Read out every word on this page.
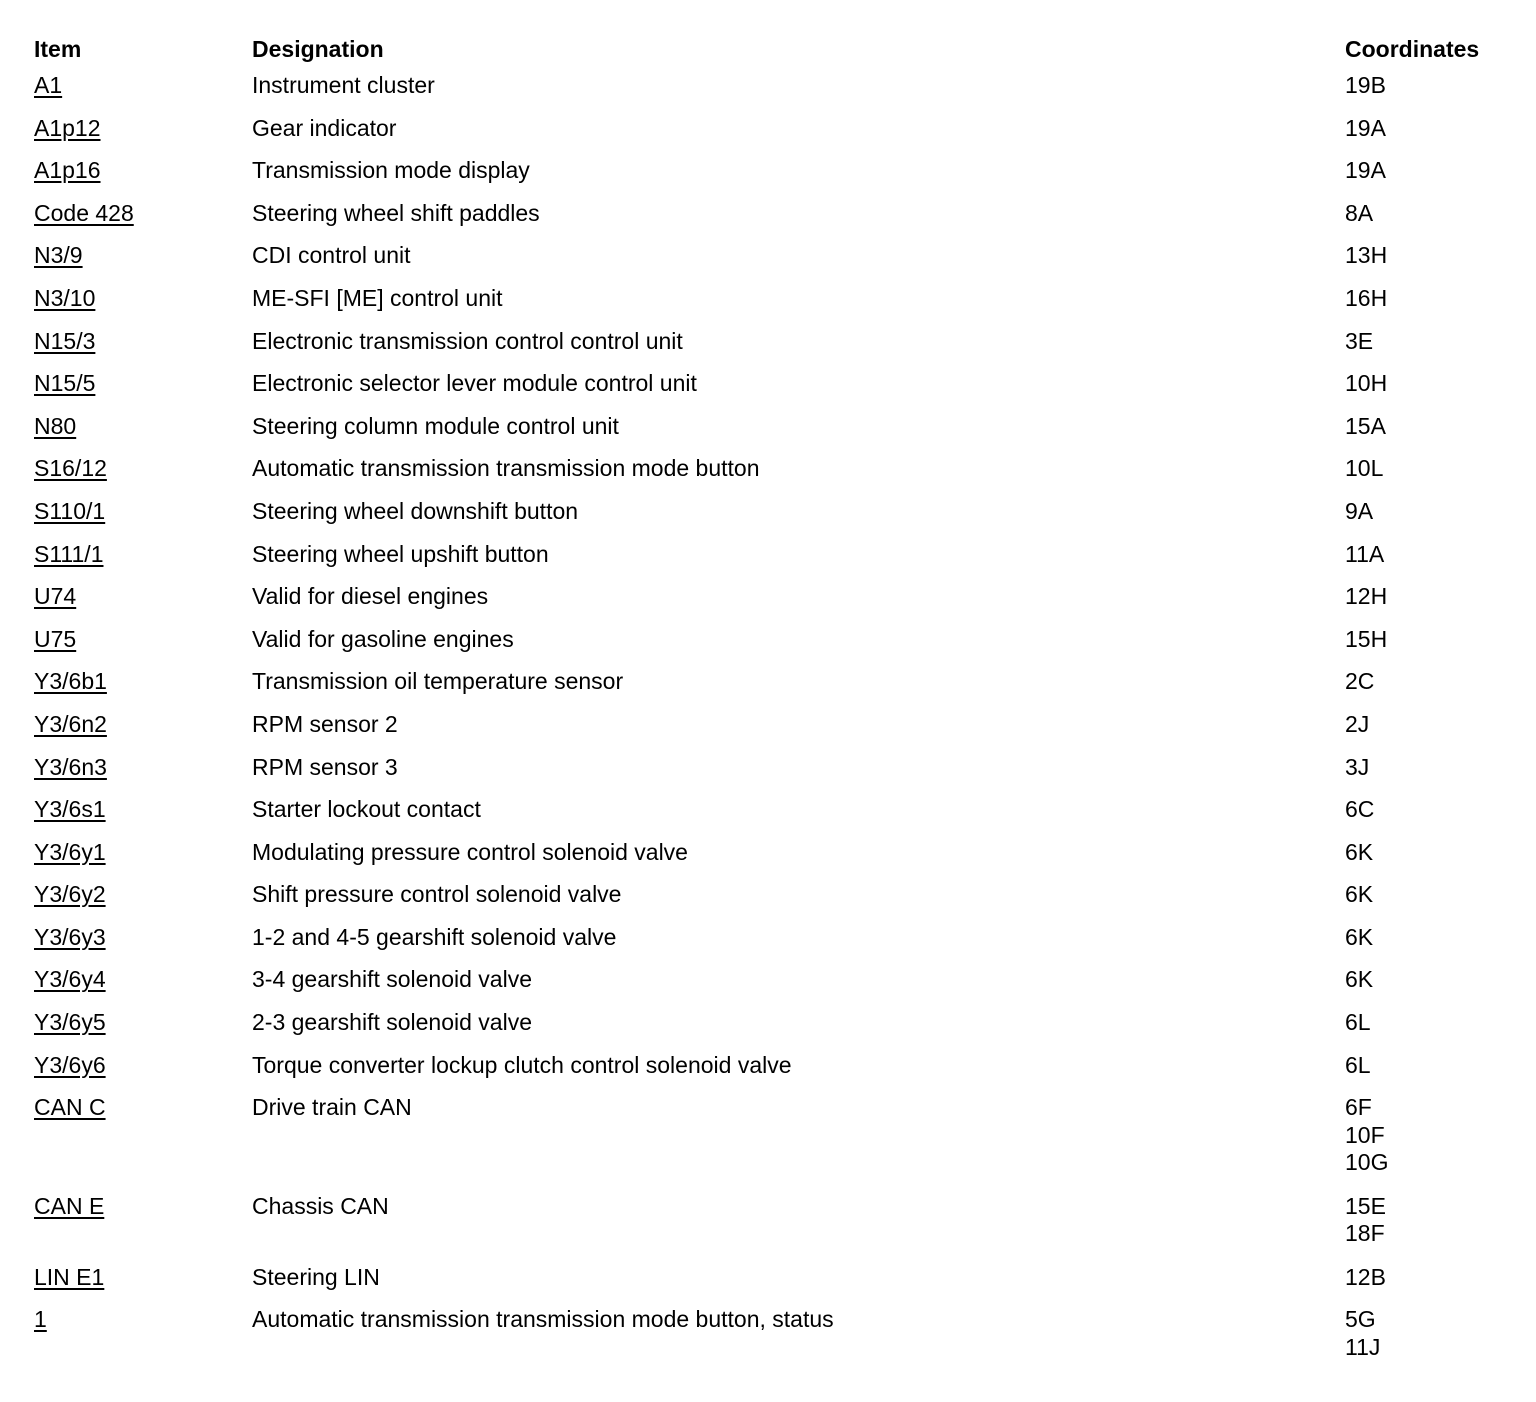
Item	Designation	Coordinates
A1	Instrument cluster	19B
A1p12	Gear indicator	19A
A1p16	Transmission mode display	19A
Code 428	Steering wheel shift paddles	8A
N3/9	CDI control unit	13H
N3/10	ME-SFI [ME] control unit	16H
N15/3	Electronic transmission control control unit	3E
N15/5	Electronic selector lever module control unit	10H
N80	Steering column module control unit	15A
S16/12	Automatic transmission transmission mode button	10L
S110/1	Steering wheel downshift button	9A
S111/1	Steering wheel upshift button	11A
U74	Valid for diesel engines	12H
U75	Valid for gasoline engines	15H
Y3/6b1	Transmission oil temperature sensor	2C
Y3/6n2	RPM sensor 2	2J
Y3/6n3	RPM sensor 3	3J
Y3/6s1	Starter lockout contact	6C
Y3/6y1	Modulating pressure control solenoid valve	6K
Y3/6y2	Shift pressure control solenoid valve	6K
Y3/6y3	1-2 and 4-5 gearshift solenoid valve	6K
Y3/6y4	3-4 gearshift solenoid valve	6K
Y3/6y5	2-3 gearshift solenoid valve	6L
Y3/6y6	Torque converter lockup clutch control solenoid valve	6L
CAN C	Drive train CAN	6F
10F
10G
CAN E	Chassis CAN	15E
18F
LIN E1	Steering LIN	12B
1	Automatic transmission transmission mode button, status	5G
11J
